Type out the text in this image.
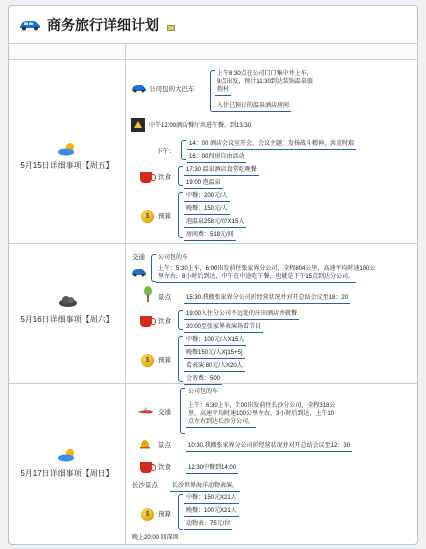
商务旅行详细计划
5月15日详细事项【周五】
公司包的大巴车
上午8:30点在公司门口集中并上车，
9点出发，预计11:30到达装饰温泉旅
假村
入住已预订的温泉酒店房间
中午12:00酒店餐厅共进午餐，到13:30
下午：
14：00 酒店会议室开会，会议主题：发扬战斗精神，共克时艰
16：00四房自由活动
饮食
17:30 温泉酒店食堂吃晚餐
19:00 泡温泉
$	预算
中餐：200元/人
晚餐：150元/人
泡温泉258元/位X15人
房间费：518元/间
5月16日详细事项【周六】
交通 公司包的车
上午：5:30上车，6:00出发前往张家界分公司，全程804公里，高速平均时速100公
里左右，8小时后到达，中午在中途吃午餐，也就是下午15点到达分公司。
景点	15:30.我搬张家界分公司折经营状况并对开总结会议至18：20
饮食
19:00入住分公司不远处的庄田酒店并就餐
20:00至张家界表演场看节目
$	预算
中餐：100元/人X15人
晚餐150元/人X[15+5]
看表演:80元/人X20人
会务费：500
5月17日详细事项【周日】
交通
公司包的车
上午：6:30上车，7:00出发前往长沙分公司，全程318公
里，高速平均时速100公里左右，3小时后到达，上午10
点左右到达长沙分公司。
景点	10:30.我搬张家界分公司折经营状况并对开总结会议至12：30
饮食	12:30中餐到14:00
长沙景点	长沙世界海洋动物表演。
$	预算
中餐：150元X21人
晚餐：100元X21人
动物表：75元/位
晚上20:00 回深圳
